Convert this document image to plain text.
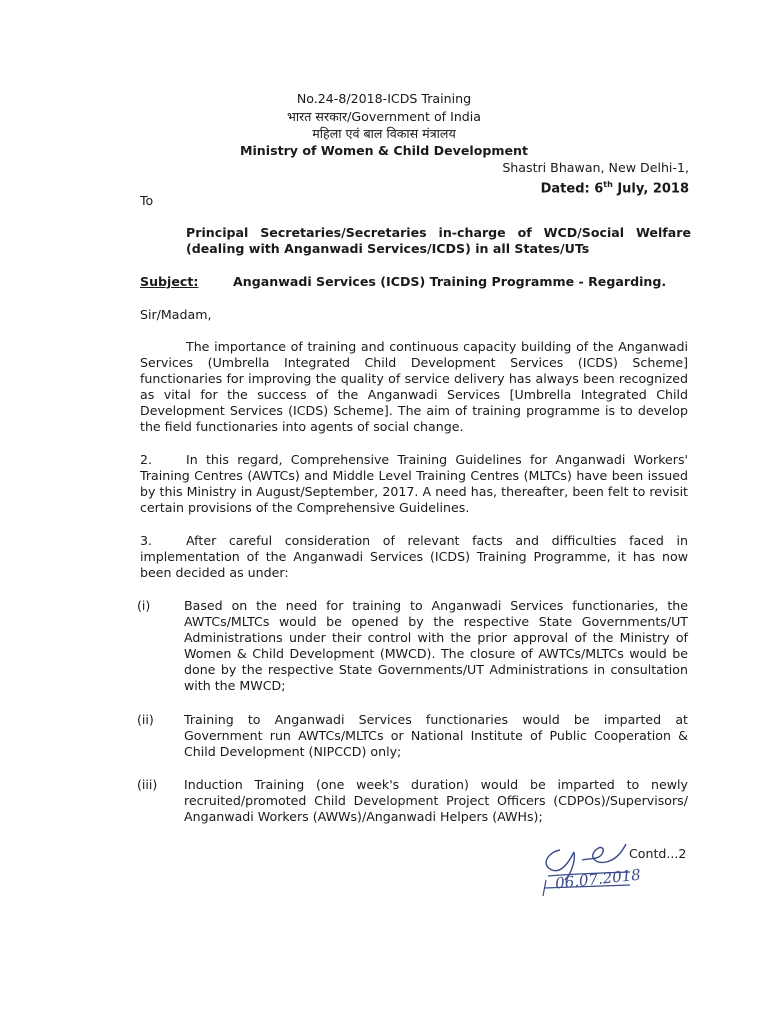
No.24-8/2018-ICDS Training
भारत सरकार/Government of India
महिला एवं बाल विकास मंत्रालय
Ministry of Women & Child Development
Shastri Bhawan, New Delhi-1,
Dated: 6th July, 2018
To
Principal Secretaries/Secretaries in-charge of WCD/Social Welfare
(dealing with Anganwadi Services/ICDS) in all States/UTs
Subject:	Anganwadi Services (ICDS) Training Programme - Regarding.
Sir/Madam,
The importance of training and continuous capacity building of the Anganwadi Services (Umbrella Integrated Child Development Services (ICDS) Scheme] functionaries for improving the quality of service delivery has always been recognized as vital for the success of the Anganwadi Services [Umbrella Integrated Child Development Services (ICDS) Scheme]. The aim of training programme is to develop the field functionaries into agents of social change.
2.	In this regard, Comprehensive Training Guidelines for Anganwadi Workers' Training Centres (AWTCs) and Middle Level Training Centres (MLTCs) have been issued by this Ministry in August/September, 2017. A need has, thereafter, been felt to revisit certain provisions of the Comprehensive Guidelines.
3.	After careful consideration of relevant facts and difficulties faced in implementation of the Anganwadi Services (ICDS) Training Programme, it has now been decided as under:
(i)	Based on the need for training to Anganwadi Services functionaries, the AWTCs/MLTCs would be opened by the respective State Governments/UT Administrations under their control with the prior approval of the Ministry of Women & Child Development (MWCD). The closure of AWTCs/MLTCs would be done by the respective State Governments/UT Administrations in consultation with the MWCD;
(ii) Training to Anganwadi Services functionaries would be imparted at Government run AWTCs/MLTCs or National Institute of Public Cooperation & Child Development (NIPCCD) only;
(iii) Induction Training (one week's duration) would be imparted to newly recruited/promoted Child Development Project Officers (CDPOs)/Supervisors/ Anganwadi Workers (AWWs)/Anganwadi Helpers (AWHs);
06.07.2018
Contd...2
